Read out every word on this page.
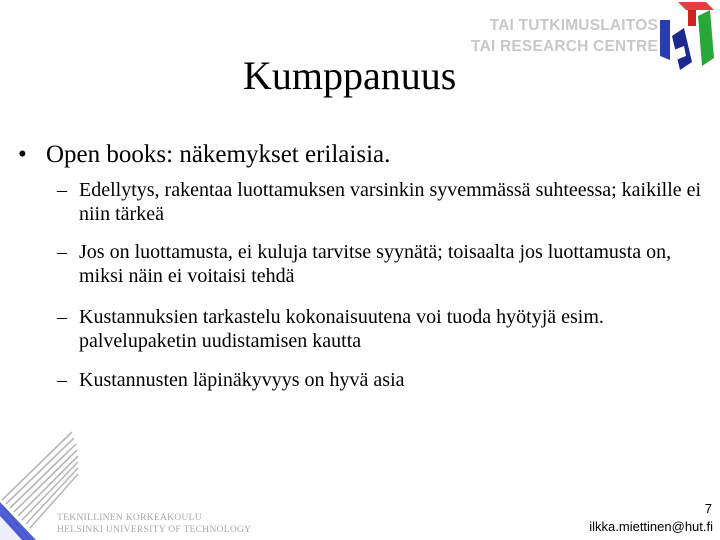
TAI TUTKIMUSLAITOS
TAI RESEARCH CENTRE
Kumppanuus
• Open books: näkemykset erilaisia.
– Edellytys, rakentaa luottamuksen varsinkin syvemmässä suhteessa; kaikille ei niin tärkeä
– Jos on luottamusta, ei kuluja tarvitse syynätä; toisaalta jos luottamusta on, miksi näin ei voitaisi tehdä
– Kustannuksien tarkastelu kokonaisuutena voi tuoda hyötyjä esim. palvelupaketin uudistamisen kautta
– Kustannusten läpinäkyvyys on hyvä asia
TEKNILLINEN KORKEAKOULU
HELSINKI UNIVERSITY OF TECHNOLOGY
7
ilkka.miettinen@hut.fi
